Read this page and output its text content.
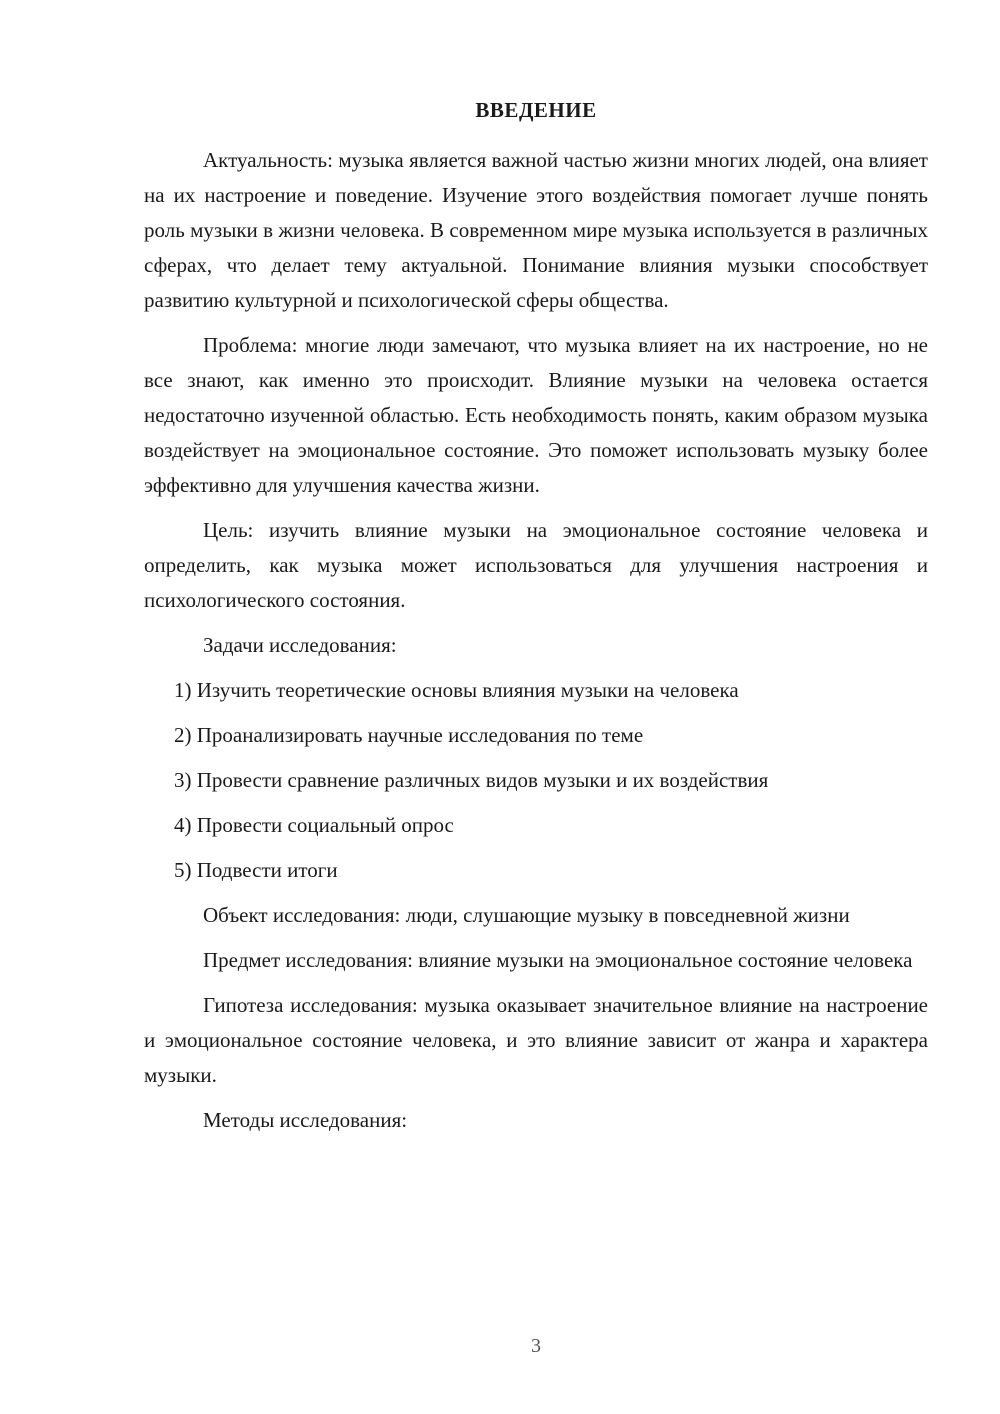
ВВЕДЕНИЕ

Актуальность: музыка является важной частью жизни многих людей, она влияет на их настроение и поведение. Изучение этого воздействия помогает лучше понять роль музыки в жизни человека. В современном мире музыка используется в различных сферах, что делает тему актуальной. Понимание влияния музыки способствует развитию культурной и психологической сферы общества.

Проблема: многие люди замечают, что музыка влияет на их настроение, но не все знают, как именно это происходит. Влияние музыки на человека остается недостаточно изученной областью. Есть необходимость понять, каким образом музыка воздействует на эмоциональное состояние. Это поможет использовать музыку более эффективно для улучшения качества жизни.

Цель: изучить влияние музыки на эмоциональное состояние человека и определить, как музыка может использоваться для улучшения настроения и психологического состояния.

Задачи исследования:

1) Изучить теоретические основы влияния музыки на человека
2) Проанализировать научные исследования по теме
3) Провести сравнение различных видов музыки и их воздействия
4) Провести социальный опрос
5) Подвести итоги

Объект исследования: люди, слушающие музыку в повседневной жизни

Предмет исследования: влияние музыки на эмоциональное состояние человека

Гипотеза исследования: музыка оказывает значительное влияние на настроение и эмоциональное состояние человека, и это влияние зависит от жанра и характера музыки.

Методы исследования:

3
